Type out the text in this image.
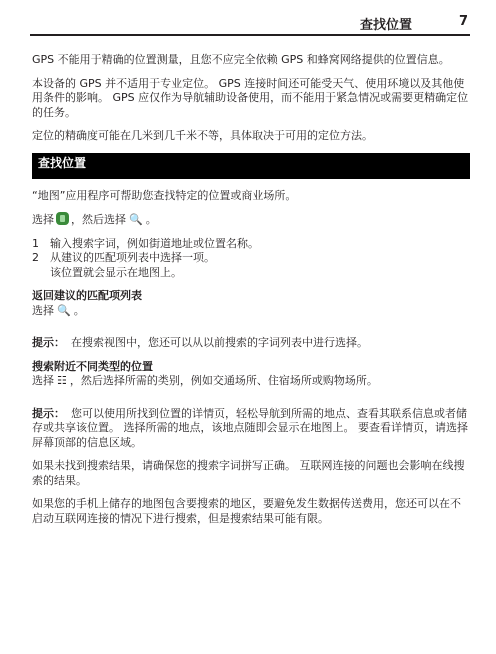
查找位置	7

GPS 不能用于精确的位置测量，且您不应完全依赖 GPS 和蜂窝网络提供的位置信息。

本设备的 GPS 并不适用于专业定位。 GPS 连接时间还可能受天气、使用环境以及其他使用条件的影响。 GPS 应仅作为导航辅助设备使用，而不能用于紧急情况或需要更精确定位的任务。

定位的精确度可能在几米到几千米不等，具体取决于可用的定位方法。

查找位置

“地图”应用程序可帮助您查找特定的位置或商业场所。

选择 ，然后选择 🔍 。

1	输入搜索字词，例如街道地址或位置名称。
2	从建议的匹配项列表中选择一项。
该位置就会显示在地图上。

返回建议的匹配项列表

选择 🔍 。

提示： 在搜索视图中，您还可以从以前搜索的字词列表中进行选择。

搜索附近不同类型的位置

选择 ☷ ，然后选择所需的类别，例如交通场所、住宿场所或购物场所。

提示： 您可以使用所找到位置的详情页，轻松导航到所需的地点、查看其联系信息或者储存或共享该位置。 选择所需的地点，该地点随即会显示在地图上。 要查看详情页，请选择屏幕顶部的信息区域。

如果未找到搜索结果，请确保您的搜索字词拼写正确。 互联网连接的问题也会影响在线搜索的结果。

如果您的手机上储存的地图包含要搜索的地区，要避免发生数据传送费用，您还可以在不启动互联网连接的情况下进行搜索，但是搜索结果可能有限。
